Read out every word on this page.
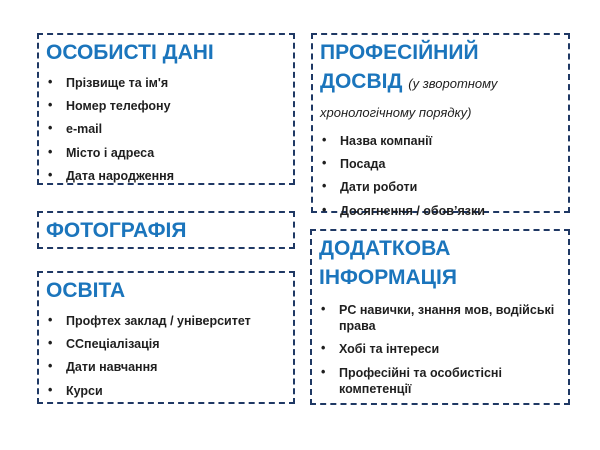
ОСОБИСТІ ДАНІ
• Прізвище та ім'я
• Номер телефону
• e-mail
• Місто і адреса
• Дата народження
ПРОФЕСІЙНИЙ ДОСВІД (у зворотному хронологічному порядку)
• Назва компанії
• Посада
• Дати роботи
• Досягнення / обов’язки
ФОТОГРАФІЯ
ОСВІТА
• Профтех заклад / університет
• ССпеціалізація
• Дати навчання
• Курси
ДОДАТКОВА ІНФОРМАЦІЯ
• PC навички, знання мов, водійські права
• Хобі та інтереси
• Професійні та особистісні компетенції
